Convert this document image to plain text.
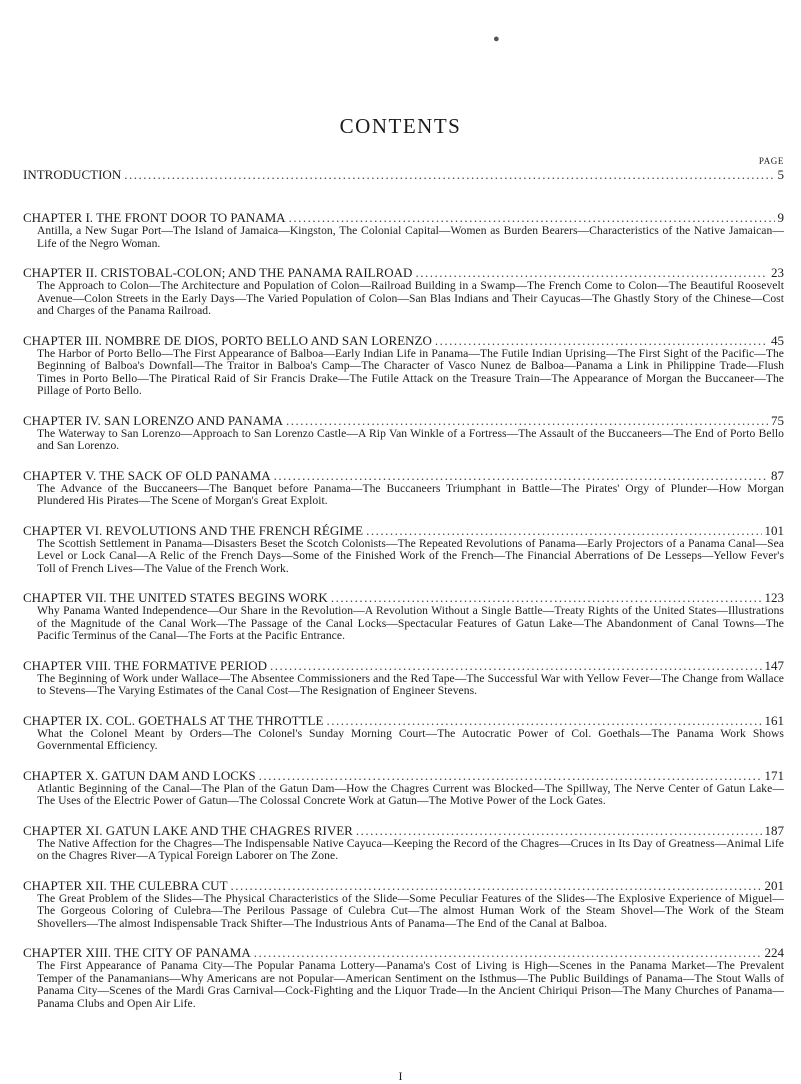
●
CONTENTS
PAGE
INTRODUCTION .....	5
CHAPTER I. THE FRONT DOOR TO PANAMA .....	9

Antilla, a New Sugar Port—The Island of Jamaica—Kingston, The Colonial Capital—Women as Burden Bearers—Characteristics of the Native Jamaican—Life of the Negro Woman.

CHAPTER II. CRISTOBAL-COLON; AND THE PANAMA RAILROAD .....	23

The Approach to Colon—The Architecture and Population of Colon—Railroad Building in a Swamp—The French Come to Colon—The Beautiful Roosevelt Avenue—Colon Streets in the Early Days—The Varied Population of Colon—San Blas Indians and Their Cayucas—The Ghastly Story of the Chinese—Cost and Charges of the Panama Railroad.

CHAPTER III. NOMBRE DE DIOS, PORTO BELLO AND SAN LORENZO .....	45

The Harbor of Porto Bello—The First Appearance of Balboa—Early Indian Life in Panama—The Futile Indian Uprising—The First Sight of the Pacific—The Beginning of Balboa's Downfall—The Traitor in Balboa's Camp—The Character of Vasco Nunez de Balboa—Panama a Link in Philippine Trade—Flush Times in Porto Bello—The Piratical Raid of Sir Francis Drake—The Futile Attack on the Treasure Train—The Appearance of Morgan the Buccaneer—The Pillage of Porto Bello.

CHAPTER IV. SAN LORENZO AND PANAMA .....	75

The Waterway to San Lorenzo—Approach to San Lorenzo Castle—A Rip Van Winkle of a Fortress—The Assault of the Buccaneers—The End of Porto Bello and San Lorenzo.

CHAPTER V. THE SACK OF OLD PANAMA .....	87

The Advance of the Buccaneers—The Banquet before Panama—The Buccaneers Triumphant in Battle—The Pirates' Orgy of Plunder—How Morgan Plundered His Pirates—The Scene of Morgan's Great Exploit.

CHAPTER VI. REVOLUTIONS AND THE FRENCH RÉGIME .....	101

The Scottish Settlement in Panama—Disasters Beset the Scotch Colonists—The Repeated Revolutions of Panama—Early Projectors of a Panama Canal—Sea Level or Lock Canal—A Relic of the French Days—Some of the Finished Work of the French—The Financial Aberrations of De Lesseps—Yellow Fever's Toll of French Lives—The Value of the French Work.

CHAPTER VII. THE UNITED STATES BEGINS WORK .....	123

Why Panama Wanted Independence—Our Share in the Revolution—A Revolution Without a Single Battle—Treaty Rights of the United States—Illustrations of the Magnitude of the Canal Work—The Passage of the Canal Locks—Spectacular Features of Gatun Lake—The Abandonment of Canal Towns—The Pacific Terminus of the Canal—The Forts at the Pacific Entrance.

CHAPTER VIII. THE FORMATIVE PERIOD .....	147

The Beginning of Work under Wallace—The Absentee Commissioners and the Red Tape—The Successful War with Yellow Fever—The Change from Wallace to Stevens—The Varying Estimates of the Canal Cost—The Resignation of Engineer Stevens.

CHAPTER IX. COL. GOETHALS AT THE THROTTLE .....	161

What the Colonel Meant by Orders—The Colonel's Sunday Morning Court—The Autocratic Power of Col. Goethals—The Panama Work Shows Governmental Efficiency.

CHAPTER X. GATUN DAM AND LOCKS .....	171

Atlantic Beginning of the Canal—The Plan of the Gatun Dam—How the Chagres Current was Blocked—The Spillway, The Nerve Center of Gatun Lake—The Uses of the Electric Power of Gatun—The Colossal Concrete Work at Gatun—The Motive Power of the Lock Gates.

CHAPTER XI. GATUN LAKE AND THE CHAGRES RIVER .....	187

The Native Affection for the Chagres—The Indispensable Native Cayuca—Keeping the Record of the Chagres—Cruces in Its Day of Greatness—Animal Life on the Chagres River—A Typical Foreign Laborer on The Zone.

CHAPTER XII. THE CULEBRA CUT .....	201

The Great Problem of the Slides—The Physical Characteristics of the Slide—Some Peculiar Features of the Slides—The Explosive Experience of Miguel—The Gorgeous Coloring of Culebra—The Perilous Passage of Culebra Cut—The almost Human Work of the Steam Shovel—The Work of the Steam Shovellers—The almost Indispensable Track Shifter—The Industrious Ants of Panama—The End of the Canal at Balboa.

CHAPTER XIII. THE CITY OF PANAMA .....	224

The First Appearance of Panama City—The Popular Panama Lottery—Panama's Cost of Living is High—Scenes in the Panama Market—The Prevalent Temper of the Panamanians—Why Americans are not Popular—American Sentiment on the Isthmus—The Public Buildings of Panama—The Stout Walls of Panama City—Scenes of the Mardi Gras Carnival—Cock-Fighting and the Liquor Trade—In the Ancient Chiriqui Prison—The Many Churches of Panama—Panama Clubs and Open Air Life.

I
